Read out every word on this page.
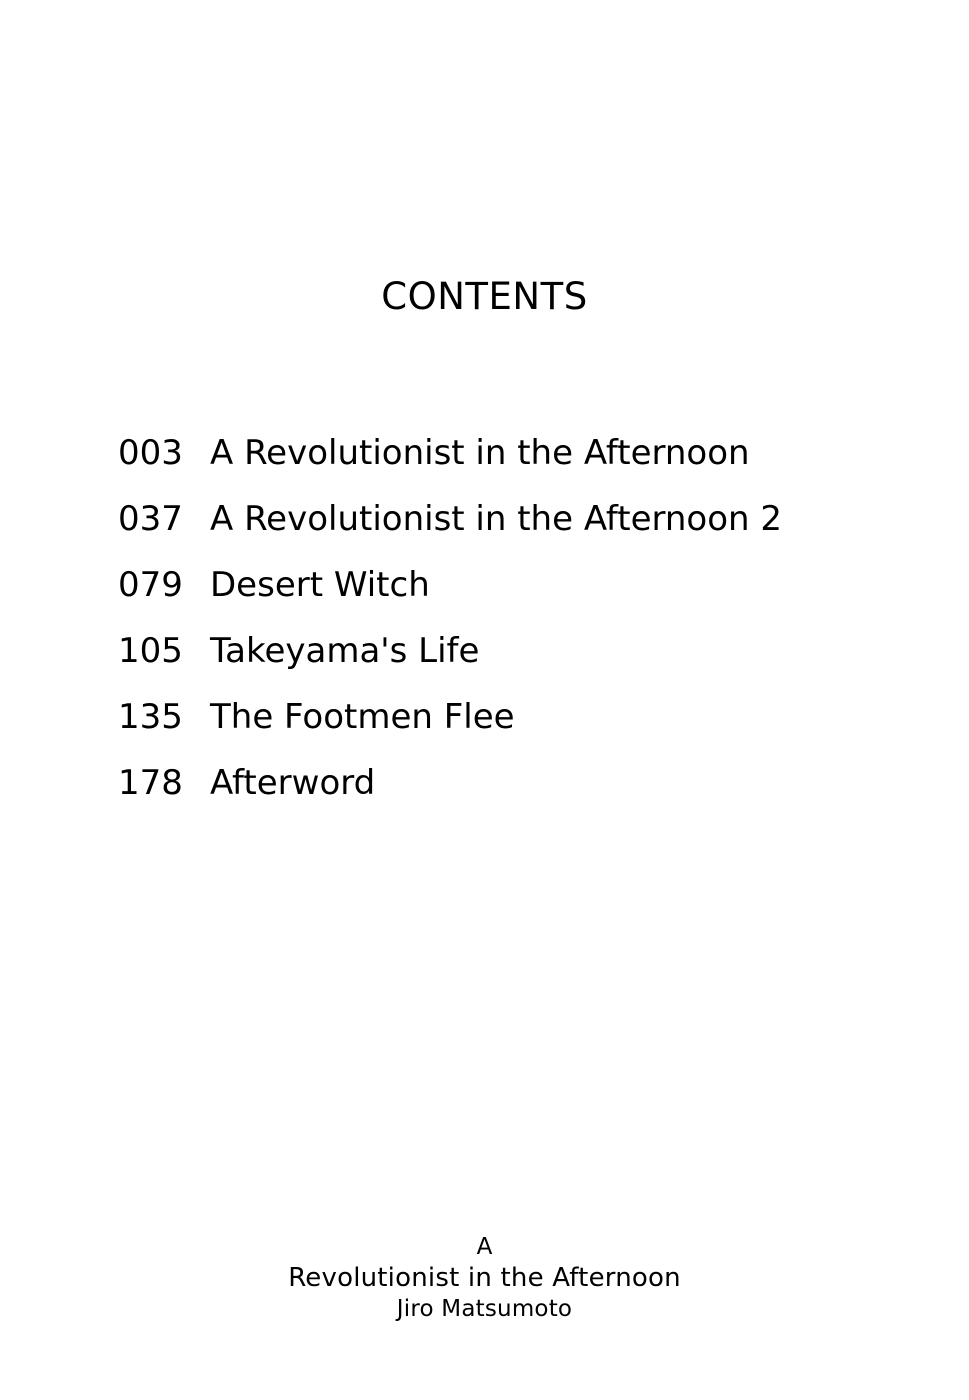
CONTENTS
003 A Revolutionist in the Afternoon
037 A Revolutionist in the Afternoon 2
079 Desert Witch
105 Takeyama's Life
135 The Footmen Flee
178 Afterword
A
Revolutionist in the Afternoon
Jiro Matsumoto
